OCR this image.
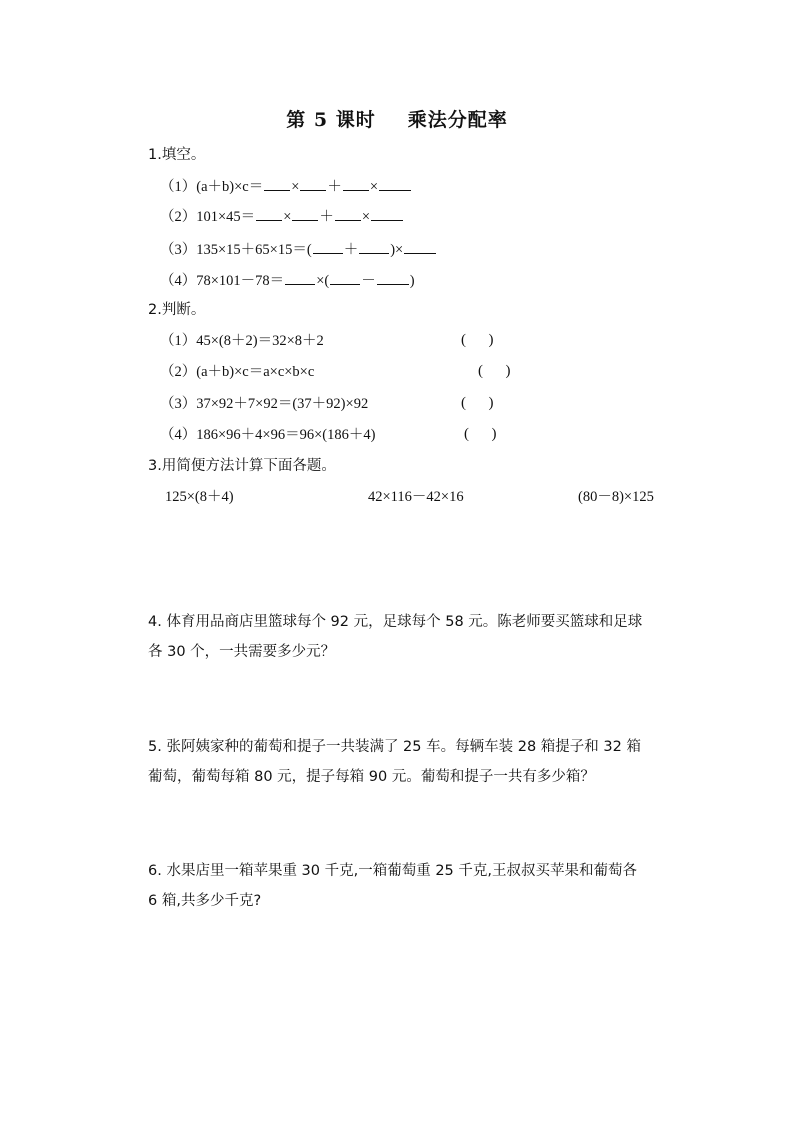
第 5 课时 乘法分配率
1.填空。
（1）(a＋b)×c＝ × ＋ ×
（2）101×45＝ × ＋ ×
（3）135×15＋65×15＝( ＋ )×
（4）78×101－78＝ ×( － )
2.判断。
（1）45×(8＋2)＝32×8＋2	(      )
（2）(a＋b)×c＝a×c×b×c	(      )
（3）37×92＋7×92＝(37＋92)×92	(      )
（4）186×96＋4×96＝96×(186＋4)	(      )
3.用简便方法计算下面各题。
125×(8＋4)	42×116－42×16	(80－8)×125
4. 体育用品商店里篮球每个 92 元，足球每个 58 元。陈老师要买篮球和足球
各 30 个，一共需要多少元？
5. 张阿姨家种的葡萄和提子一共装满了 25 车。每辆车装 28 箱提子和 32 箱
葡萄，葡萄每箱 80 元，提子每箱 90 元。葡萄和提子一共有多少箱？
6. 水果店里一箱苹果重 30 千克,一箱葡萄重 25 千克,王叔叔买苹果和葡萄各
6 箱,共多少千克?
